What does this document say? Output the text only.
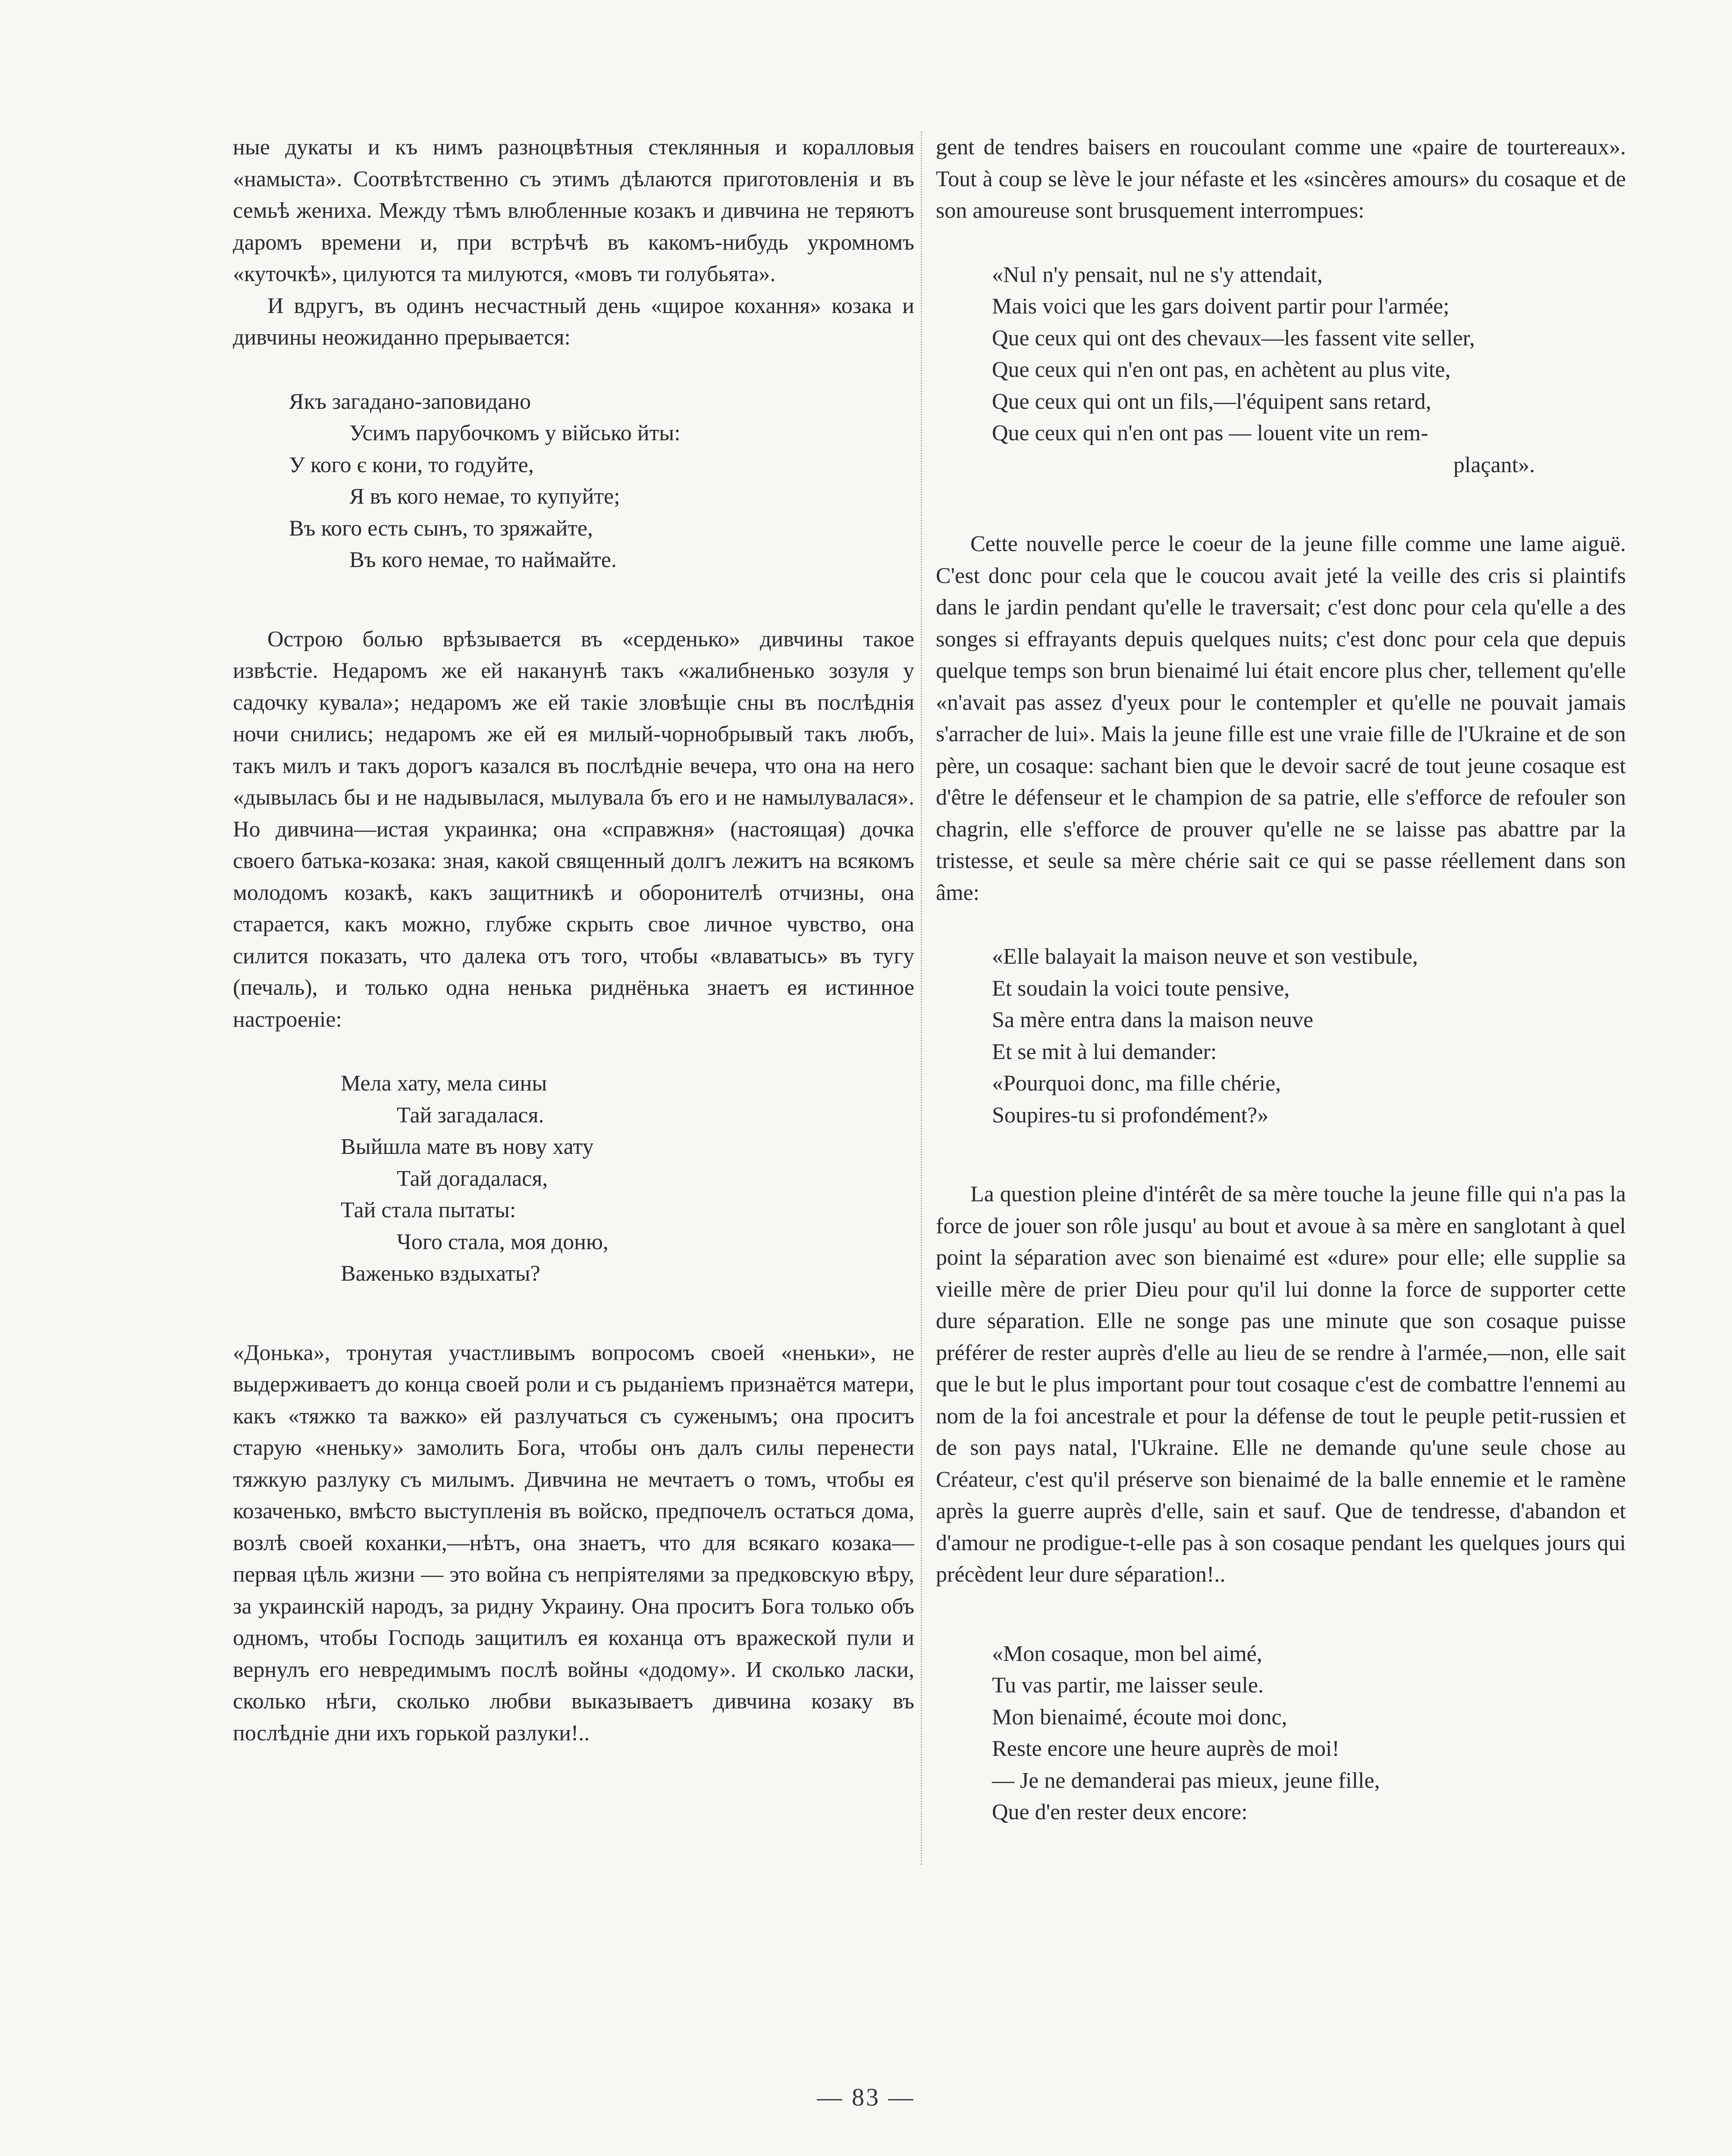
ные дукаты и къ нимъ разноцвѣтныя стеклянныя и коралловыя «намыста». Соотвѣтственно съ этимъ дѣлаются приготовленія и въ семьѣ жениха. Между тѣмъ влюбленные козакъ и дивчина не теряютъ даромъ времени и, при встрѣчѣ въ какомъ-нибудь укромномъ «куточкѣ», цилуются та милуются, «мовъ ти голубьята».

И вдругъ, въ одинъ несчастный день «щирое кохання» козака и дивчины неожиданно прерывается:

Якъ загадано-заповидано
Усимъ парубочкомъ у військо йты:
У кого є кони, то годуйте,
Я въ кого немае, то купуйте;
Въ кого есть сынъ, то зряжайте,
Въ кого немае, то наймайте.

Острою болью врѣзывается въ «серденько» дивчины такое извѣстіе. Недаромъ же ей наканунѣ такъ «жалибненько зозуля у садочку кувала»; недаромъ же ей такіе зловѣщіе сны въ послѣднія ночи снились; недаромъ же ей ея милый-чорнобрывый такъ любъ, такъ милъ и такъ дорогъ казался въ послѣдніе вечера, что она на него «дывылась бы и не надывылася, мылувала бъ его и не намылувалася». Но дивчина—истая украинка; она «справжня» (настоящая) дочка своего батька-козака: зная, какой священный долгъ лежитъ на всякомъ молодомъ козакѣ, какъ защитникѣ и оборонителѣ отчизны, она старается, какъ можно, глубже скрыть свое личное чувство, она силится показать, что далека отъ того, чтобы «влаватысь» въ тугу (печаль), и только одна ненька риднёнька знаетъ ея истинное настроеніе:

Мела хату, мела сины
Тай загадалася.
Выйшла мате въ нову хату
Тай догадалася,
Тай стала пытаты:
Чого стала, моя доню,
Важенько вздыхаты?

«Донька», тронутая участливымъ вопросомъ своей «неньки», не выдерживаетъ до конца своей роли и съ рыданіемъ признаётся матери, какъ «тяжко та важко» ей разлучаться съ суженымъ; она проситъ старую «неньку» замолить Бога, чтобы онъ далъ силы перенести тяжкую разлуку съ милымъ. Дивчина не мечтаетъ о томъ, чтобы ея козаченько, вмѣсто выступленія въ войско, предпочелъ остаться дома, возлѣ своей коханки,—нѣтъ, она знаетъ, что для всякаго козака—первая цѣль жизни — это война съ непріятелями за предковскую вѣру, за украинскій народъ, за ридну Украину. Она проситъ Бога только объ одномъ, чтобы Господь защитилъ ея коханца отъ вражеской пули и вернулъ его невредимымъ послѣ войны «додому». И сколько ласки, сколько нѣги, сколько любви выказываетъ дивчина козаку въ послѣдніе дни ихъ горькой разлуки!..

gent de tendres baisers en roucoulant comme une «paire de tourtereaux». Tout à coup se lève le jour néfaste et les «sincères amours» du cosaque et de son amoureuse sont brusquement interrompues:

«Nul n'y pensait, nul ne s'y attendait,
Mais voici que les gars doivent partir pour l'armée;
Que ceux qui ont des chevaux—les fassent vite seller,
Que ceux qui n'en ont pas, en achètent au plus vite,
Que ceux qui ont un fils,—l'équipent sans retard,
Que ceux qui n'en ont pas — louent vite un rem-
plaçant».

Cette nouvelle perce le coeur de la jeune fille comme une lame aiguë. C'est donc pour cela que le coucou avait jeté la veille des cris si plaintifs dans le jardin pendant qu'elle le traversait; c'est donc pour cela qu'elle a des songes si effrayants depuis quelques nuits; c'est donc pour cela que depuis quelque temps son brun bienaimé lui était encore plus cher, tellement qu'elle «n'avait pas assez d'yeux pour le contempler et qu'elle ne pouvait jamais s'arracher de lui». Mais la jeune fille est une vraie fille de l'Ukraine et de son père, un cosaque: sachant bien que le devoir sacré de tout jeune cosaque est d'être le défenseur et le champion de sa patrie, elle s'efforce de refouler son chagrin, elle s'efforce de prouver qu'elle ne se laisse pas abattre par la tristesse, et seule sa mère chérie sait ce qui se passe réellement dans son âme:

«Elle balayait la maison neuve et son vestibule,
Et soudain la voici toute pensive,
Sa mère entra dans la maison neuve
Et se mit à lui demander:
«Pourquoi donc, ma fille chérie,
Soupires-tu si profondément?»

La question pleine d'intérêt de sa mère touche la jeune fille qui n'a pas la force de jouer son rôle jusqu' au bout et avoue à sa mère en sanglotant à quel point la séparation avec son bienaimé est «dure» pour elle; elle supplie sa vieille mère de prier Dieu pour qu'il lui donne la force de supporter cette dure séparation. Elle ne songe pas une minute que son cosaque puisse préférer de rester auprès d'elle au lieu de se rendre à l'armée,—non, elle sait que le but le plus important pour tout cosaque c'est de combattre l'ennemi au nom de la foi ancestrale et pour la défense de tout le peuple petit-russien et de son pays natal, l'Ukraine. Elle ne demande qu'une seule chose au Créateur, c'est qu'il préserve son bienaimé de la balle ennemie et le ramène après la guerre auprès d'elle, sain et sauf. Que de tendresse, d'abandon et d'amour ne prodigue-t-elle pas à son cosaque pendant les quelques jours qui précèdent leur dure séparation!..

«Mon cosaque, mon bel aimé,
Tu vas partir, me laisser seule.
Mon bienaimé, écoute moi donc,
Reste encore une heure auprès de moi!
— Je ne demanderai pas mieux, jeune fille,
Que d'en rester deux encore:
— 83 —
